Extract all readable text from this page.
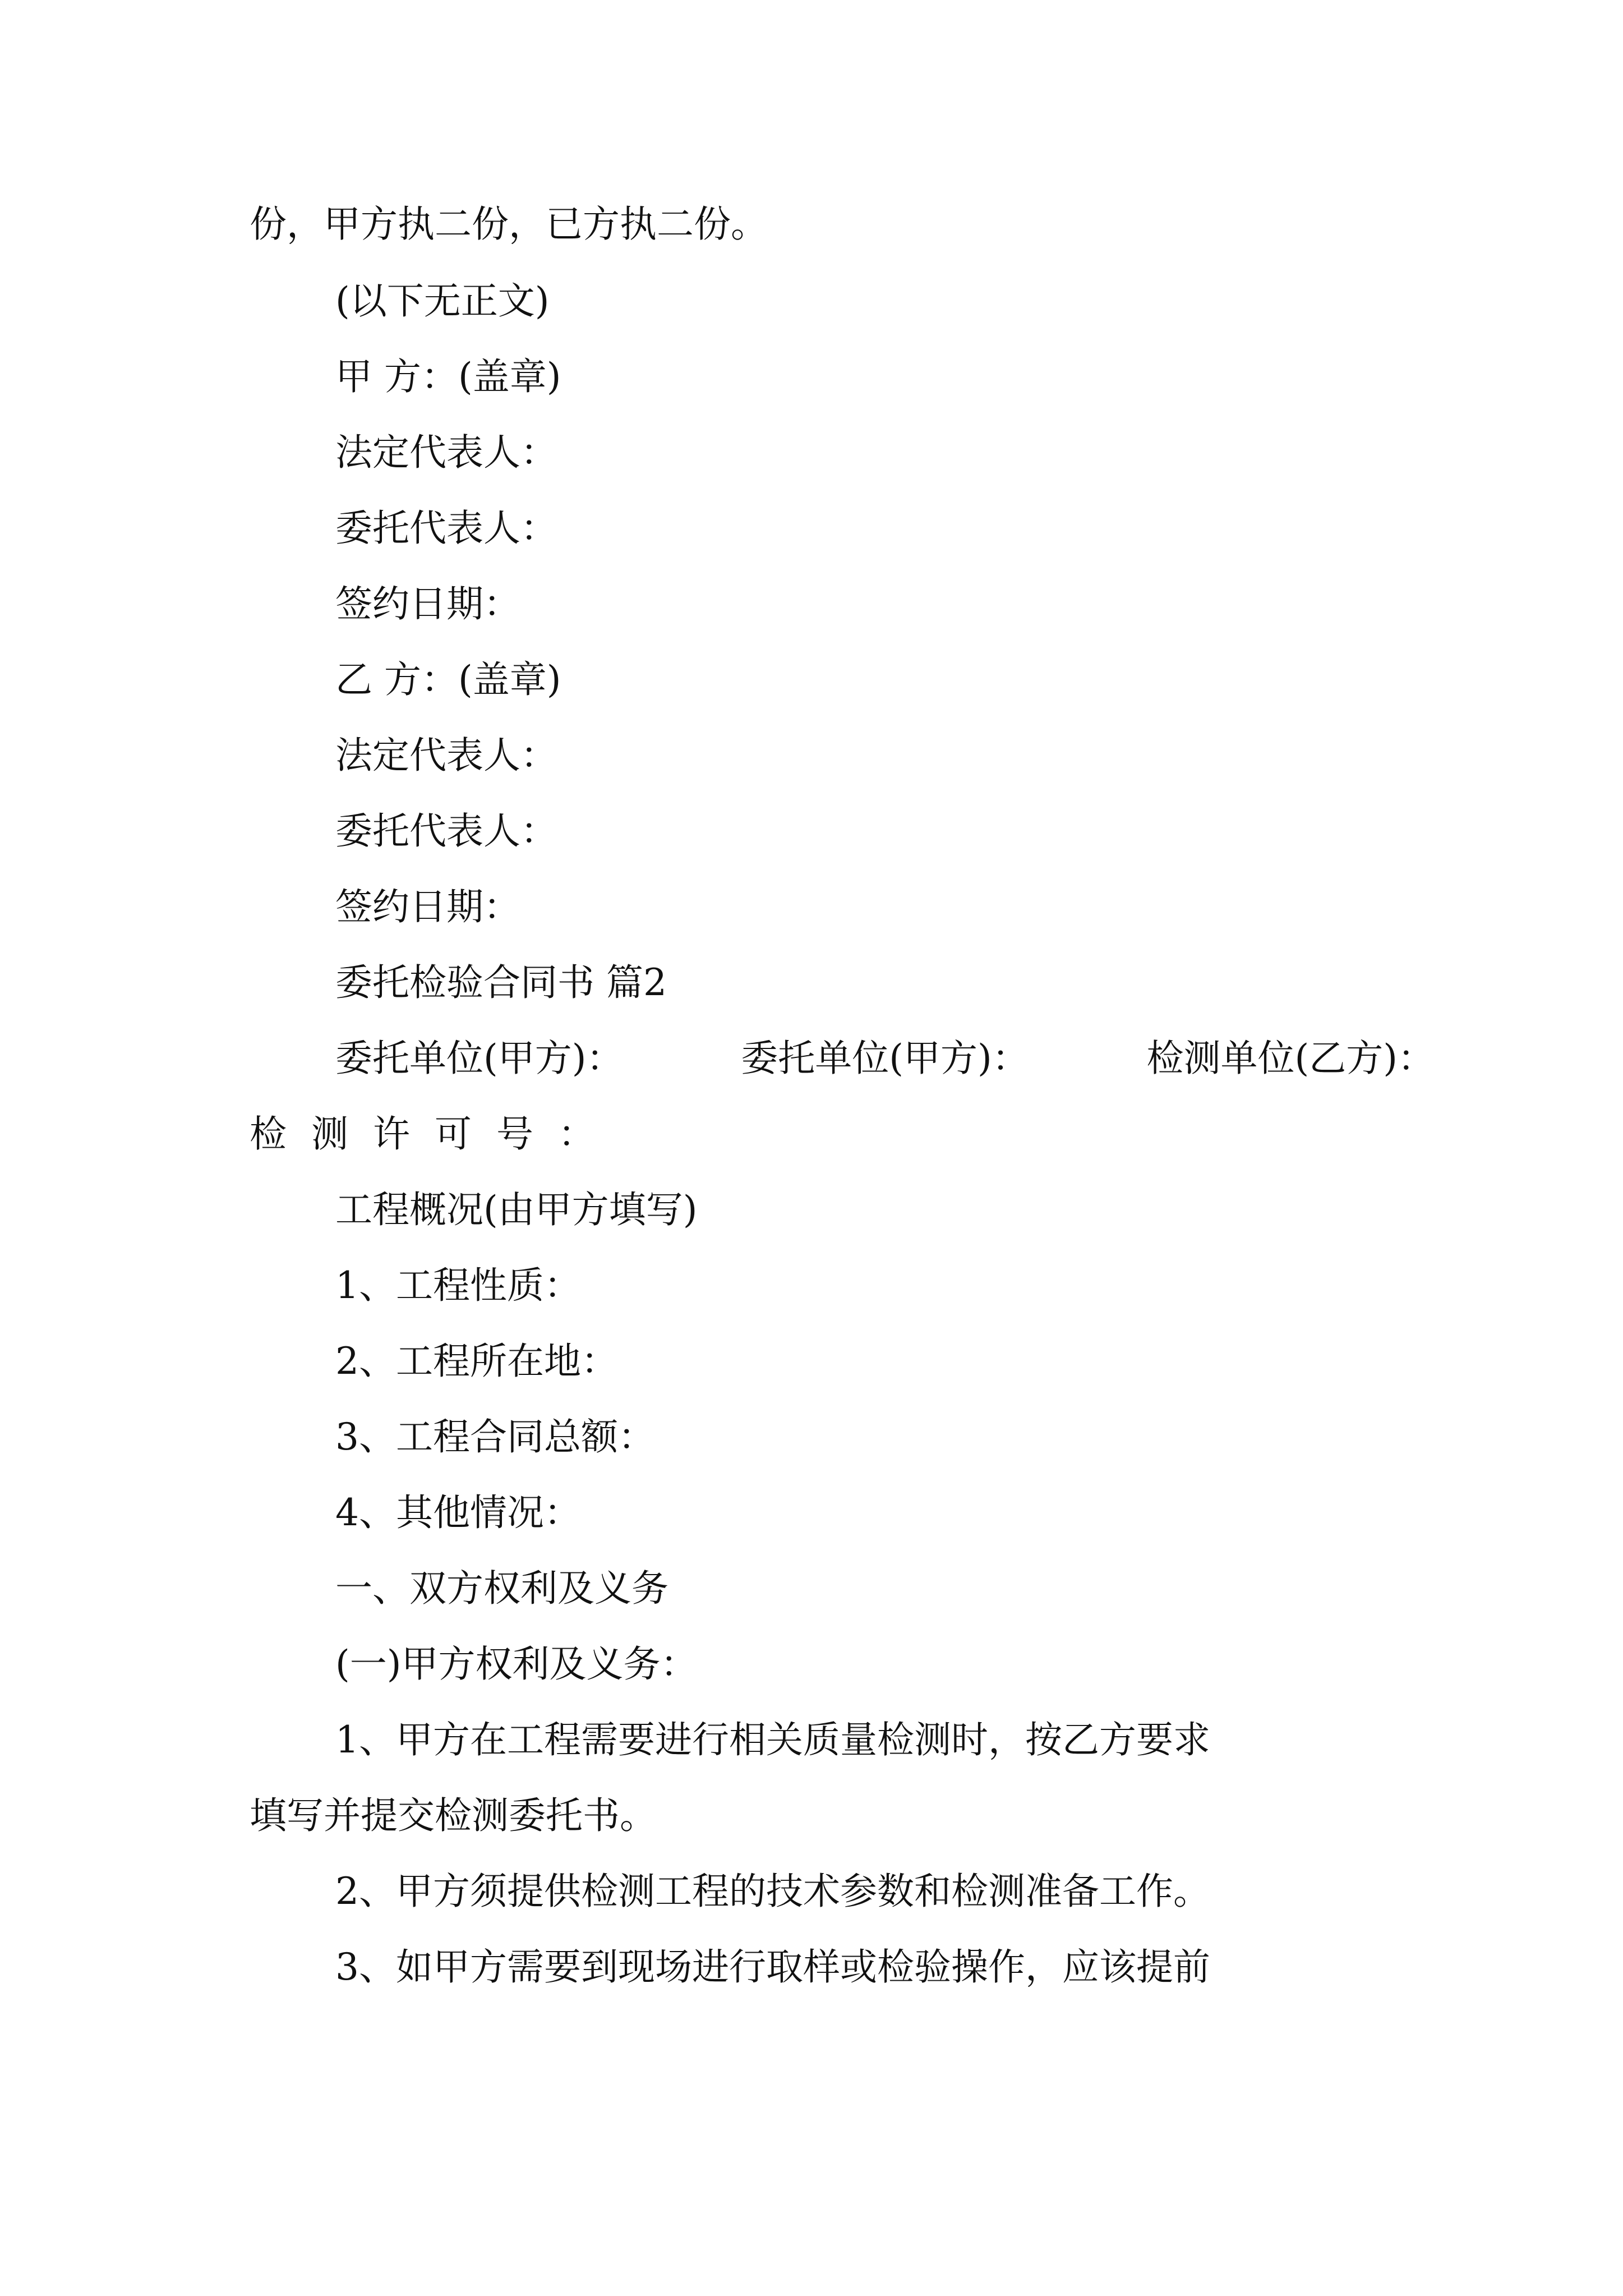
份，甲方执二份，已方执二份。
(以下无正文)
甲 方：(盖章)
法定代表人：
委托代表人：
签约日期：
乙 方：(盖章)
法定代表人：
委托代表人：
签约日期：
委托检验合同书 篇2
委托单位(甲方)：	委托单位(甲方)：	检测单位(乙方)：
检测许可号：
工程概况(由甲方填写)
1、工程性质：
2、工程所在地：
3、工程合同总额：
4、其他情况：
一、双方权利及义务
(一)甲方权利及义务：
1、甲方在工程需要进行相关质量检测时，按乙方要求
填写并提交检测委托书。
2、甲方须提供检测工程的技术参数和检测准备工作。
3、如甲方需要到现场进行取样或检验操作，应该提前
